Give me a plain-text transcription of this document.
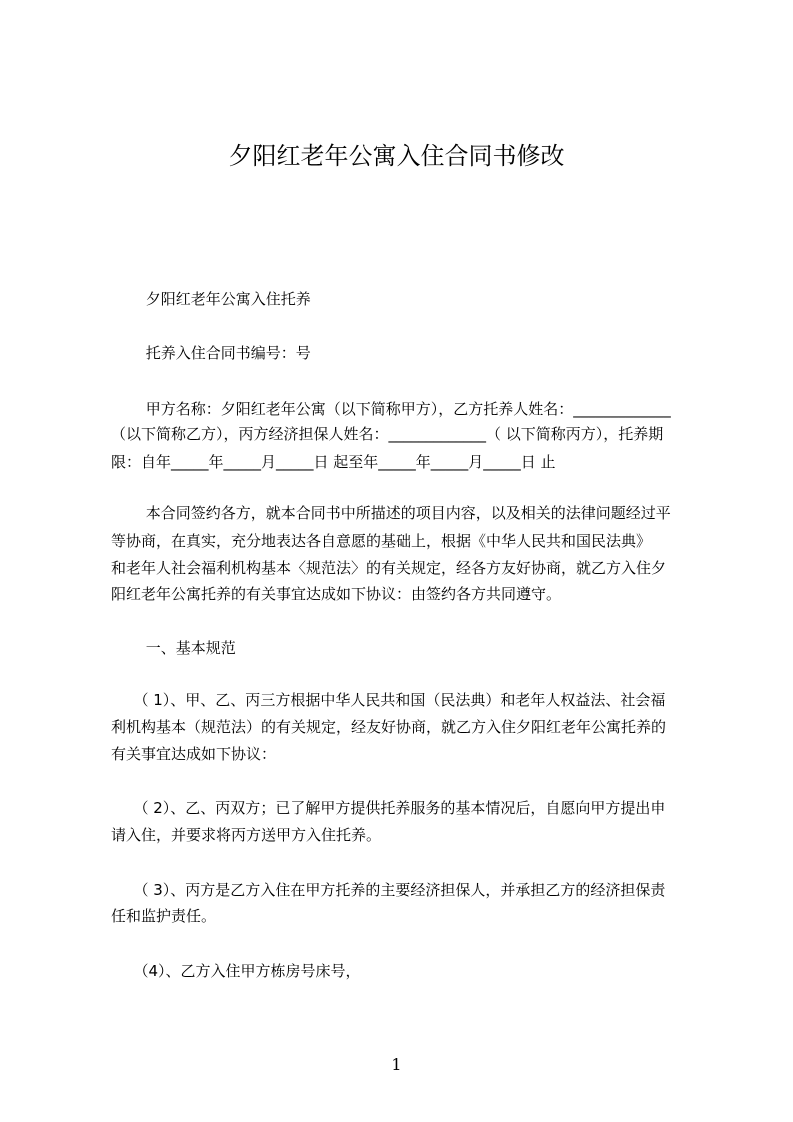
夕阳红老年公寓入住合同书修改
　　 夕阳红老年公寓入住托养
　　 托养入住合同书编号：号
　　 甲方名称：夕阳红老年公寓（以下简称甲方），乙方托养人姓名：_____________
（以下简称乙方），丙方经济担保人姓名：_____________（ 以下简称丙方），托养期
限：自年_____年_____月_____日 起至年_____年_____月_____日 止
　　 本合同签约各方，就本合同书中所描述的项目内容，以及相关的法律问题经过平
等协商，在真实，充分地表达各自意愿的基础上，根据《中华人民共和国民法典》
和老年人社会福利机构基本〈规范法〉的有关规定，经各方友好协商，就乙方入住夕
阳红老年公寓托养的有关事宜达成如下协议：由签约各方共同遵守。
　　 一、基本规范
　　（ 1）、甲、乙、丙三方根据中华人民共和国（民法典）和老年人权益法、社会福
利机构基本（规范法）的有关规定，经友好协商，就乙方入住夕阳红老年公寓托养的
有关事宜达成如下协议：
　　（ 2）、乙、丙双方；已了解甲方提供托养服务的基本情况后，自愿向甲方提出申
请入住，并要求将丙方送甲方入住托养。
　　（ 3）、丙方是乙方入住在甲方托养的主要经济担保人，并承担乙方的经济担保责
任和监护责任。
　　（4）、乙方入住甲方栋房号床号，
1
